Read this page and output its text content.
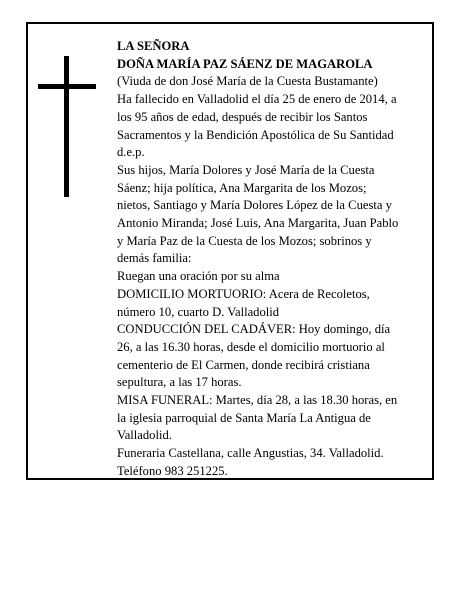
LA SEÑORA
DOÑA MARÍA PAZ SÁENZ DE MAGAROLA
(Viuda de don José María de la Cuesta Bustamante)
Ha fallecido en Valladolid el día 25 de enero de 2014, a
los 95 años de edad, después de recibir los Santos
Sacramentos y la Bendición Apostólica de Su Santidad
d.e.p.
Sus hijos, María Dolores y José María de la Cuesta
Sáenz; hija política, Ana Margarita de los Mozos;
nietos, Santiago y María Dolores López de la Cuesta y
Antonio Miranda; José Luis, Ana Margarita, Juan Pablo
y María Paz de la Cuesta de los Mozos; sobrinos y
demás familia:
Ruegan una oración por su alma
DOMICILIO MORTUORIO: Acera de Recoletos,
número 10, cuarto D. Valladolid
CONDUCCIÓN DEL CADÁVER: Hoy domingo, día
26, a las 16.30 horas, desde el domicilio mortuorio al
cementerio de El Carmen, donde recibirá cristiana
sepultura, a las 17 horas.
MISA FUNERAL: Martes, día 28, a las 18.30 horas, en
la iglesia parroquial de Santa María La Antigua de
Valladolid.
Funeraria Castellana, calle Angustias, 34. Valladolid.
Teléfono 983 251225.
